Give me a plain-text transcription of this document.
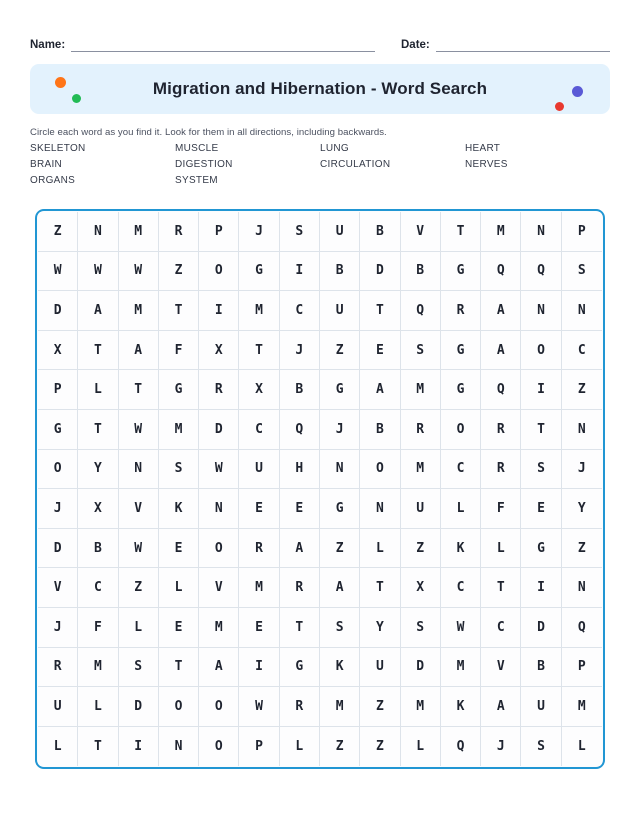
Name:	Date:
Migration and Hibernation - Word Search
Circle each word as you find it. Look for them in all directions, including backwards.
SKELETON	MUSCLE	LUNG	HEART
BRAIN	DIGESTION	CIRCULATION	NERVES
ORGANS	SYSTEM
Z	N	M	R	P	J	S	U	B	V	T	M	N	P
W	W	W	Z	O	G	I	B	D	B	G	Q	Q	S
D	A	M	T	I	M	C	U	T	Q	R	A	N	N
X	T	A	F	X	T	J	Z	E	S	G	A	O	C
P	L	T	G	R	X	B	G	A	M	G	Q	I	Z
G	T	W	M	D	C	Q	J	B	R	O	R	T	N
O	Y	N	S	W	U	H	N	O	M	C	R	S	J
J	X	V	K	N	E	E	G	N	U	L	F	E	Y
D	B	W	E	O	R	A	Z	L	Z	K	L	G	Z
V	C	Z	L	V	M	R	A	T	X	C	T	I	N
J	F	L	E	M	E	T	S	Y	S	W	C	D	Q
R	M	S	T	A	I	G	K	U	D	M	V	B	P
U	L	D	O	O	W	R	M	Z	M	K	A	U	M
L	T	I	N	O	P	L	Z	Z	L	Q	J	S	L
